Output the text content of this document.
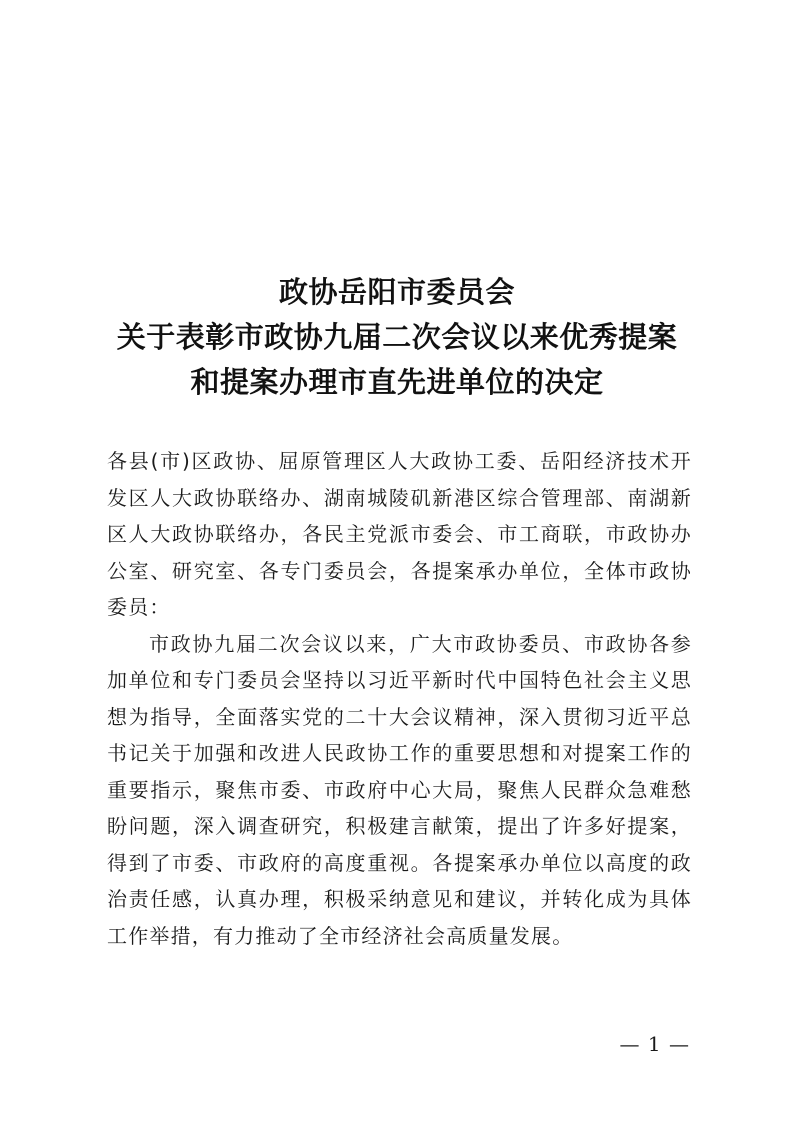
政协岳阳市委员会
关于表彰市政协九届二次会议以来优秀提案
和提案办理市直先进单位的决定

各县(市)区政协、屈原管理区人大政协工委、岳阳经济技术开发区人大政协联络办、湖南城陵矶新港区综合管理部、南湖新区人大政协联络办，各民主党派市委会、市工商联，市政协办公室、研究室、各专门委员会，各提案承办单位，全体市政协委员：

市政协九届二次会议以来，广大市政协委员、市政协各参加单位和专门委员会坚持以习近平新时代中国特色社会主义思想为指导，全面落实党的二十大会议精神，深入贯彻习近平总书记关于加强和改进人民政协工作的重要思想和对提案工作的重要指示，聚焦市委、市政府中心大局，聚焦人民群众急难愁盼问题，深入调查研究，积极建言献策，提出了许多好提案，得到了市委、市政府的高度重视。各提案承办单位以高度的政治责任感，认真办理，积极采纳意见和建议，并转化成为具体工作举措，有力推动了全市经济社会高质量发展。

— 1 —
